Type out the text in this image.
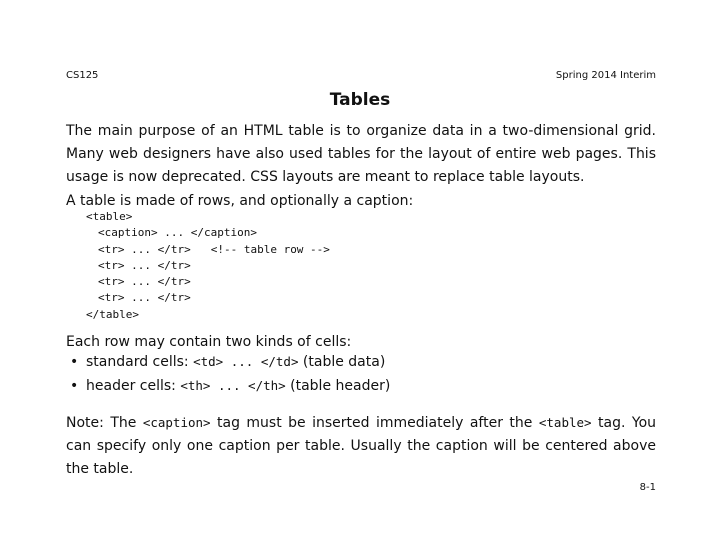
CS125	Spring 2014 Interim
Tables
The main purpose of an HTML table is to organize data in a two-dimensional grid. Many web designers have also used tables for the layout of entire web pages. This usage is now deprecated. CSS layouts are meant to replace table layouts.
A table is made of rows, and optionally a caption:
<table>
<caption> ... </caption>
<tr> ... </tr> <!-- table row -->
<tr> ... </tr>
<tr> ... </tr>
<tr> ... </tr>
</table>
Each row may contain two kinds of cells:
• standard cells: <td> ... </td> (table data)
• header cells: <th> ... </th> (table header)
Note: The <caption> tag must be inserted immediately after the <table> tag. You can specify only one caption per table. Usually the caption will be centered above the table.
8-1
